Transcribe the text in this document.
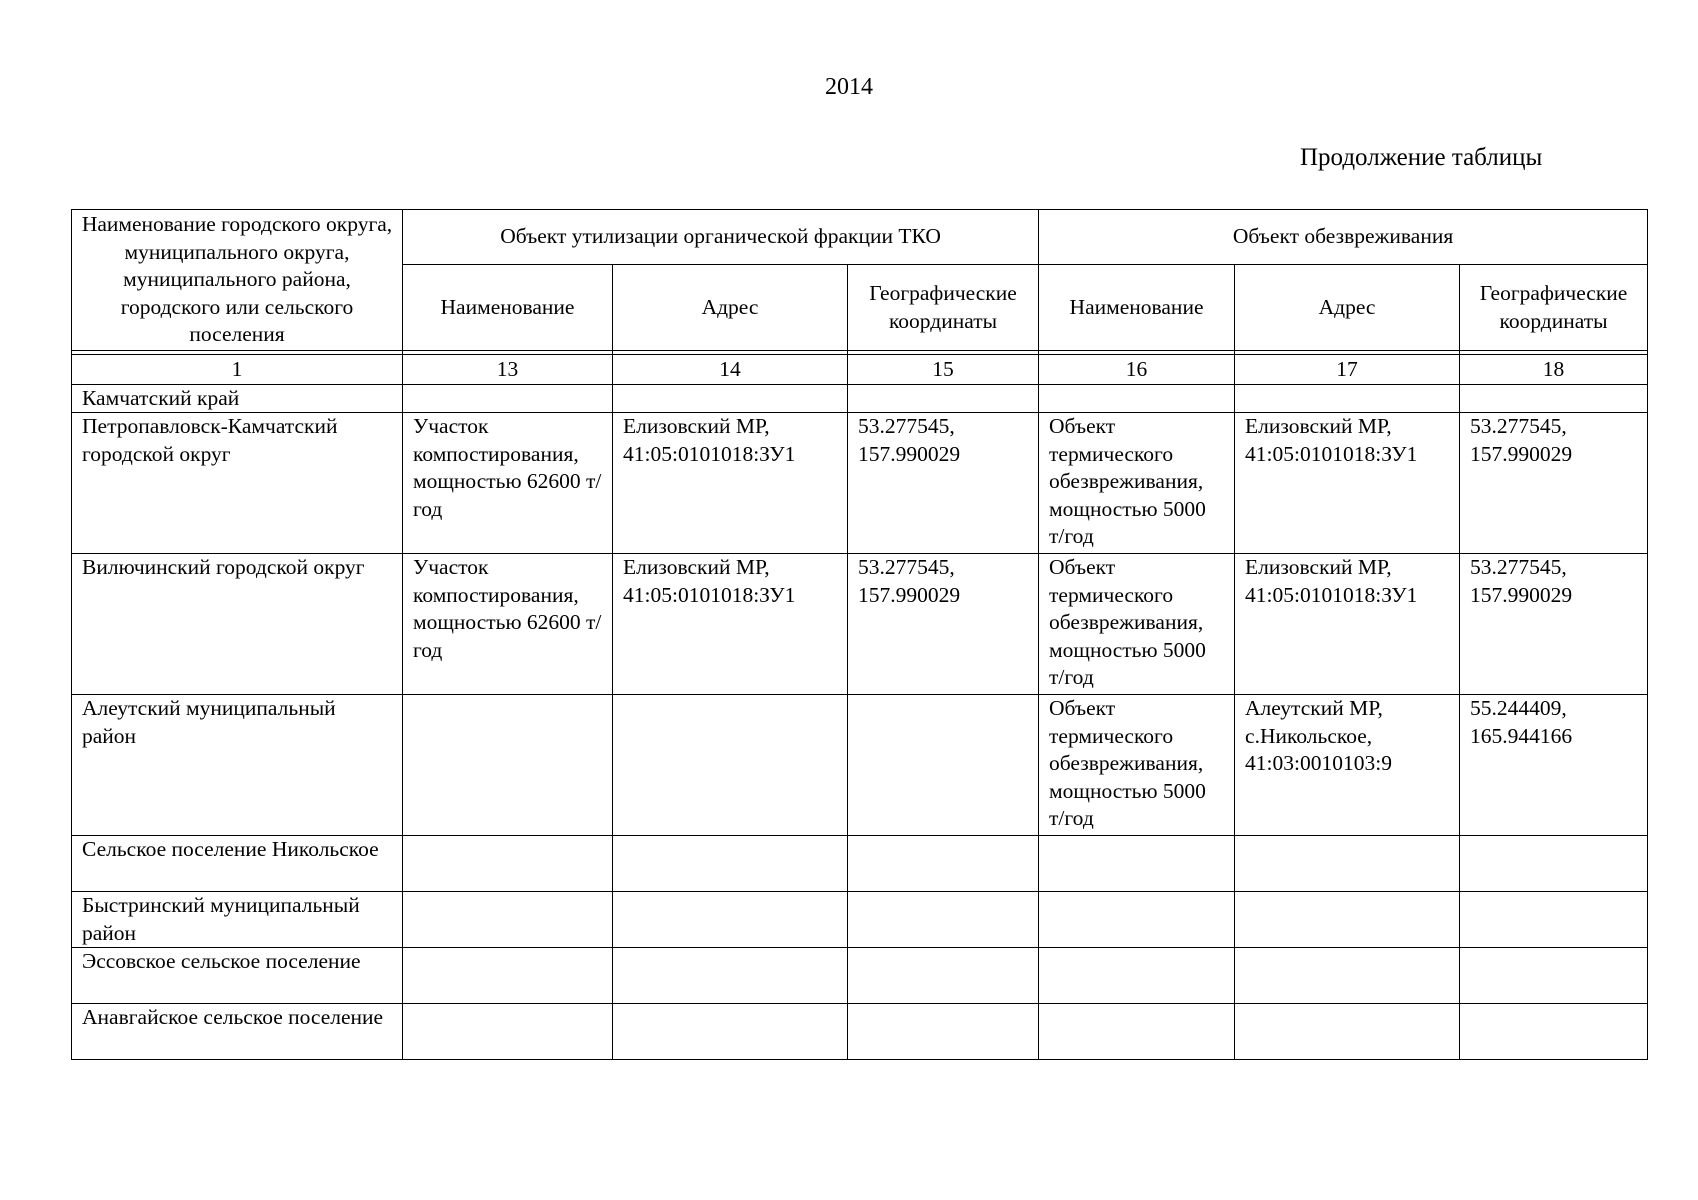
2014
Продолжение таблицы
Наименование городского округа, муниципального округа, муниципального района, городского или сельского поселения	Объект утилизации органической фракции ТКО			Объект обезвреживания		
	Наименование	Адрес	Географические координаты	Наименование	Адрес	Географические координаты

1	13	14	15	16	17	18
Камчатский край						
Петропавловск-Камчатский городской округ	Участок компостирования, мощностью 62600 т/год	Елизовский МР, 41:05:0101018:ЗУ1	53.277545, 157.990029	Объект термического обезвреживания, мощностью 5000 т/год	Елизовский МР, 41:05:0101018:ЗУ1	53.277545, 157.990029
Вилючинский городской округ	Участок компостирования, мощностью 62600 т/год	Елизовский МР, 41:05:0101018:ЗУ1	53.277545, 157.990029	Объект термического обезвреживания, мощностью 5000 т/год	Елизовский МР, 41:05:0101018:ЗУ1	53.277545, 157.990029
Алеутский муниципальный район				Объект термического обезвреживания, мощностью 5000 т/год	Алеутский МР, с.Никольское, 41:03:0010103:9	55.244409, 165.944166
Сельское поселение Никольское						
Быстринский муниципальный район						
Эссовское сельское поселение						
Анавгайское сельское поселение						
